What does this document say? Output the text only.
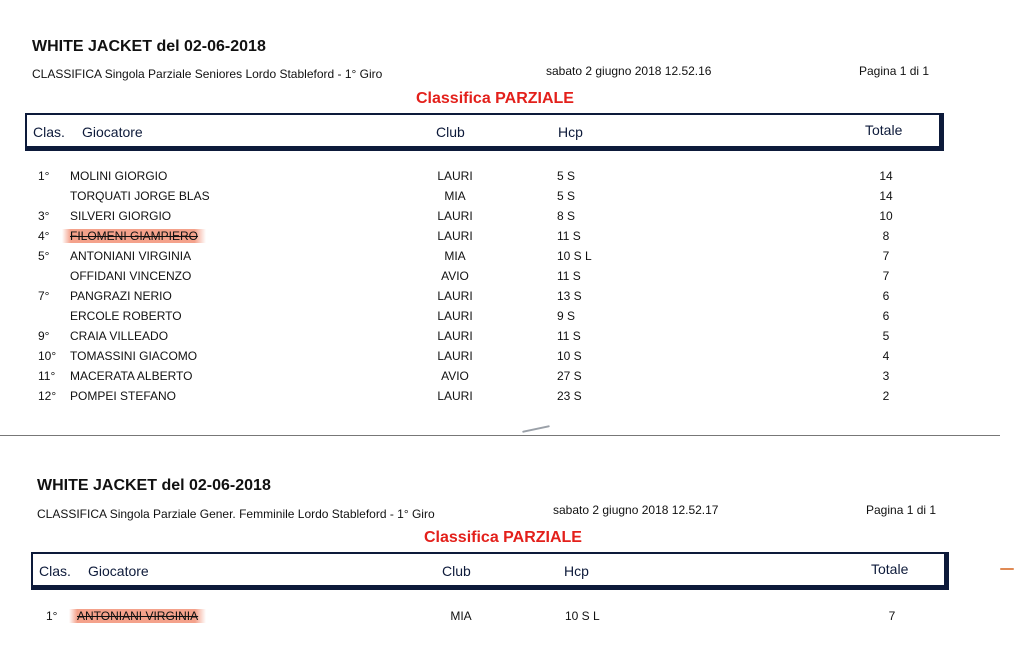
WHITE JACKET del 02-06-2018
CLASSIFICA Singola Parziale Seniores Lordo Stableford - 1° Giro	sabato 2 giugno 2018 12.52.16	Pagina 1 di 1
Classifica PARZIALE
Clas. Giocatore	Club	Hcp	Totale
1° MOLINI GIORGIO	LAURI	5 S	14
TORQUATI JORGE BLAS	MIA	5 S	14
3° SILVERI GIORGIO	LAURI	8 S	10
4°	FILOMENI GIAMPIERO	LAURI	11 S	8
5° ANTONIANI VIRGINIA	MIA	10 S L	7
OFFIDANI VINCENZO	AVIO	11 S	7
7° PANGRAZI NERIO	LAURI	13 S	6
ERCOLE ROBERTO	LAURI	9 S	6
9° CRAIA VILLEADO	LAURI	11 S	5
10° TOMASSINI GIACOMO	LAURI	10 S	4
11° MACERATA ALBERTO	AVIO	27 S	3
12° POMPEI STEFANO	LAURI	23 S	2
WHITE JACKET del 02-06-2018
CLASSIFICA Singola Parziale Gener. Femminile Lordo Stableford - 1° Giro	sabato 2 giugno 2018 12.52.17	Pagina 1 di 1
Classifica PARZIALE
Clas. Giocatore	Club	Hcp	Totale
1°	ANTONIANI VIRGINIA	MIA	10 S L	7
